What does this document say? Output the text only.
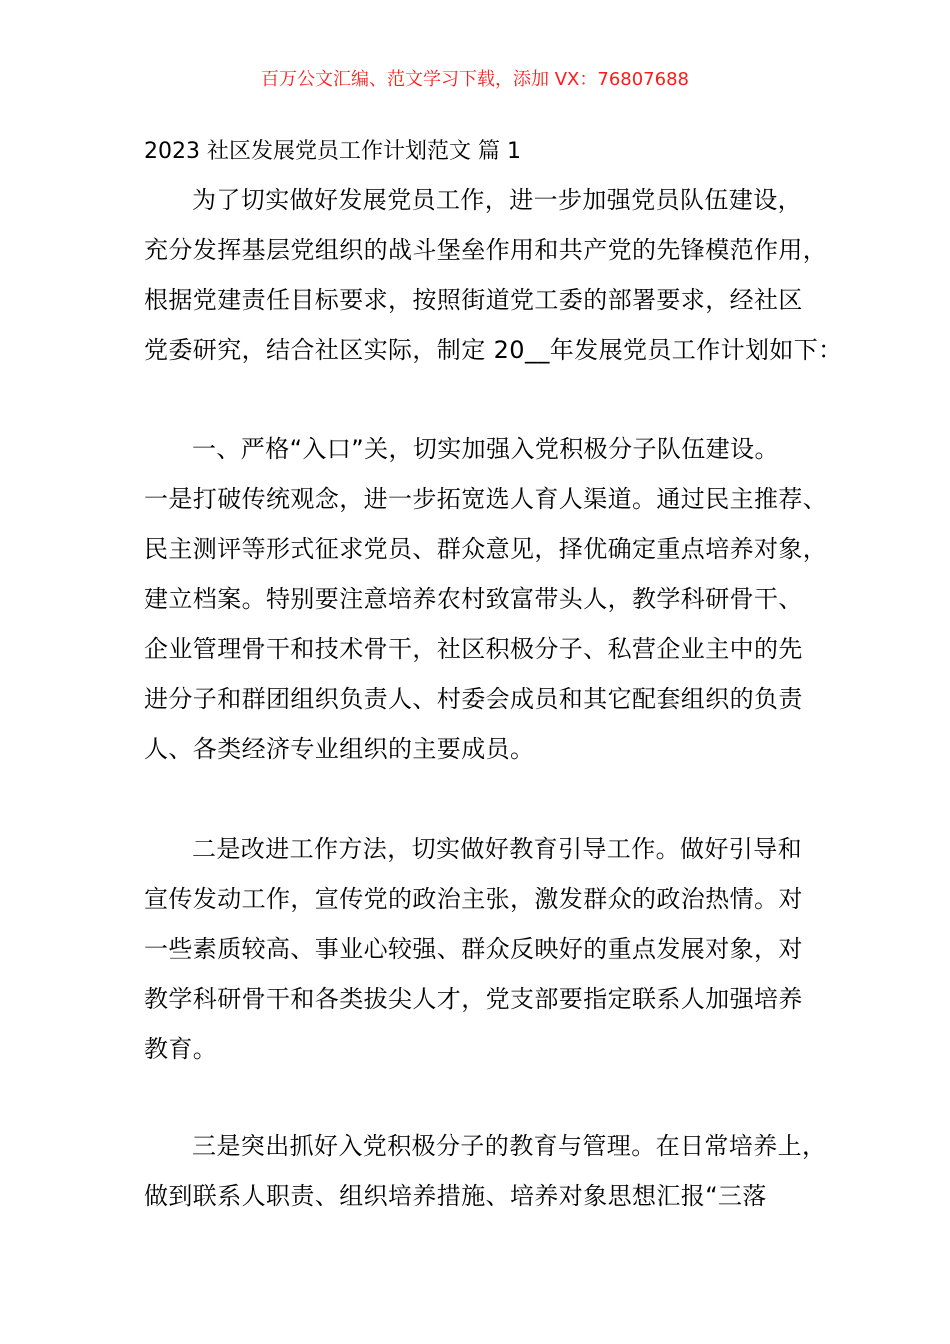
百万公文汇编、范文学习下载，添加 VX：76807688
2023 社区发展党员工作计划范文 篇 1

为了切实做好发展党员工作，进一步加强党员队伍建设，
充分发挥基层党组织的战斗堡垒作用和共产党的先锋模范作用，
根据党建责任目标要求，按照街道党工委的部署要求，经社区
党委研究，结合社区实际，制定 20__年发展党员工作计划如下：

一、严格“入口”关，切实加强入党积极分子队伍建设。
一是打破传统观念，进一步拓宽选人育人渠道。通过民主推荐、
民主测评等形式征求党员、群众意见，择优确定重点培养对象，
建立档案。特别要注意培养农村致富带头人，教学科研骨干、
企业管理骨干和技术骨干，社区积极分子、私营企业主中的先
进分子和群团组织负责人、村委会成员和其它配套组织的负责
人、各类经济专业组织的主要成员。

二是改进工作方法，切实做好教育引导工作。做好引导和
宣传发动工作，宣传党的政治主张，激发群众的政治热情。对
一些素质较高、事业心较强、群众反映好的重点发展对象，对
教学科研骨干和各类拔尖人才，党支部要指定联系人加强培养
教育。

三是突出抓好入党积极分子的教育与管理。在日常培养上，
做到联系人职责、组织培养措施、培养对象思想汇报“三落
